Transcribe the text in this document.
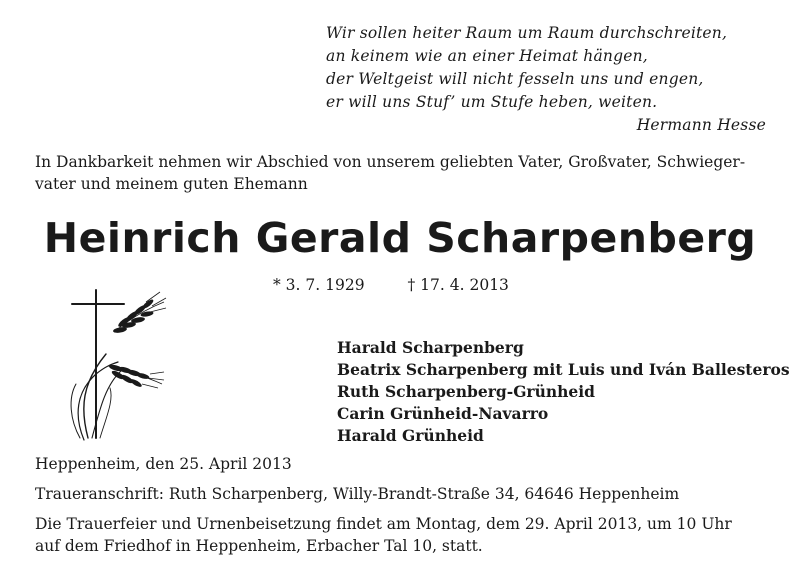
Wir sollen heiter Raum um Raum durchschreiten,
an keinem wie an einer Heimat hängen,
der Weltgeist will nicht fesseln uns und engen,
er will uns Stuf’ um Stufe heben, weiten.
Hermann Hesse
In Dankbarkeit nehmen wir Abschied von unserem geliebten Vater, Großvater, Schwieger-
vater und meinem guten Ehemann
Heinrich Gerald Scharpenberg
* 3. 7. 1929	† 17. 4. 2013
Harald Scharpenberg
Beatrix Scharpenberg mit Luis und Iván Ballesteros
Ruth Scharpenberg-Grünheid
Carin Grünheid-Navarro
Harald Grünheid
Heppenheim, den 25. April 2013
Traueranschrift: Ruth Scharpenberg, Willy-Brandt-Straße 34, 64646 Heppenheim
Die Trauerfeier und Urnenbeisetzung findet am Montag, dem 29. April 2013, um 10 Uhr
auf dem Friedhof in Heppenheim, Erbacher Tal 10, statt.
